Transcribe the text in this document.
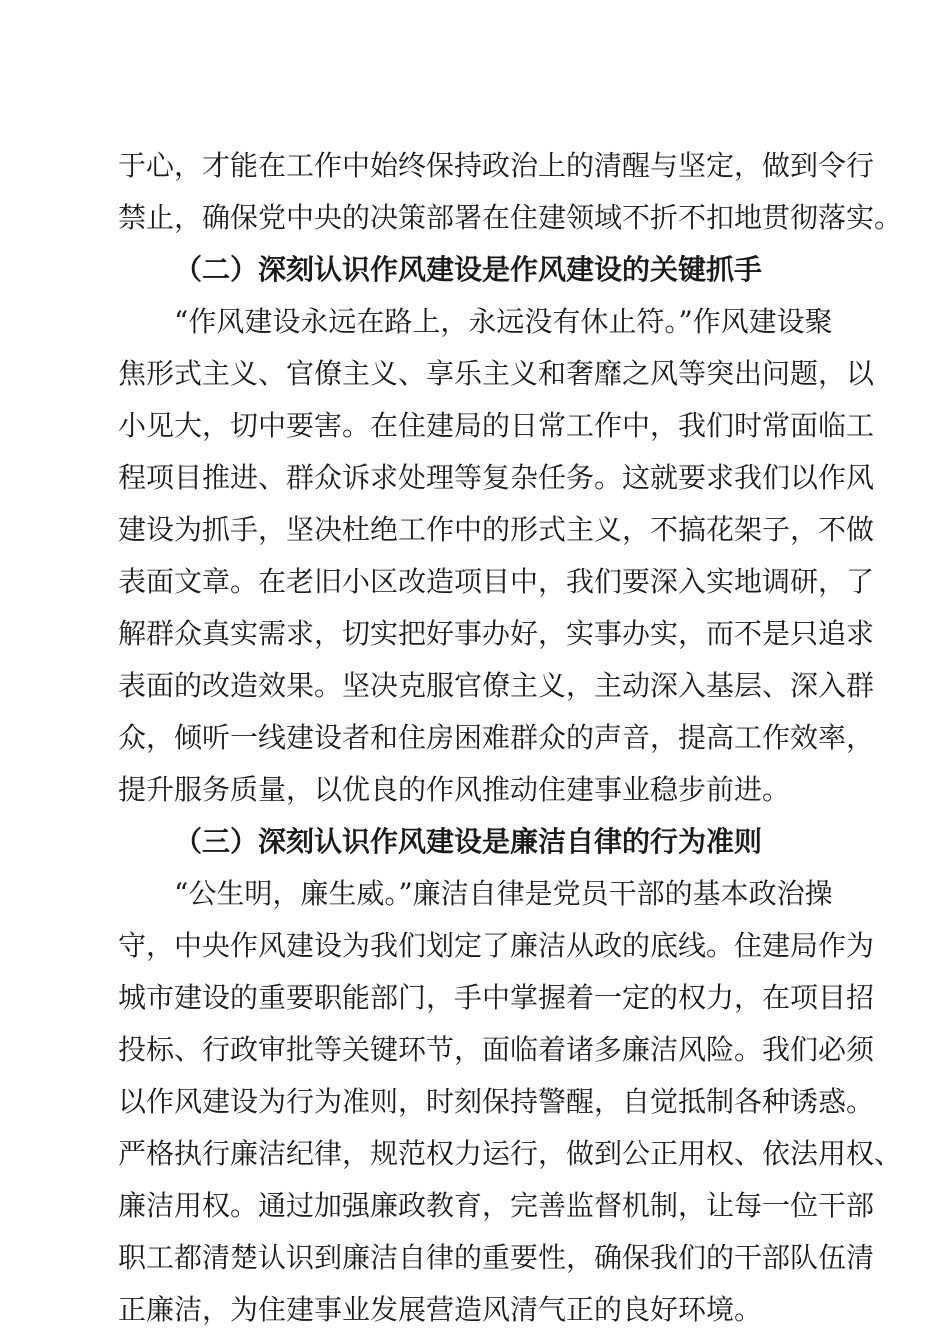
于心，才能在工作中始终保持政治上的清醒与坚定，做到令行
禁止，确保党中央的决策部署在住建领域不折不扣地贯彻落实。
（二）深刻认识作风建设是作风建设的关键抓手
“作风建设永远在路上，永远没有休止符。”作风建设聚
焦形式主义、官僚主义、享乐主义和奢靡之风等突出问题，以
小见大，切中要害。在住建局的日常工作中，我们时常面临工
程项目推进、群众诉求处理等复杂任务。这就要求我们以作风
建设为抓手，坚决杜绝工作中的形式主义，不搞花架子，不做
表面文章。在老旧小区改造项目中，我们要深入实地调研，了
解群众真实需求，切实把好事办好，实事办实，而不是只追求
表面的改造效果。坚决克服官僚主义，主动深入基层、深入群
众，倾听一线建设者和住房困难群众的声音，提高工作效率，
提升服务质量，以优良的作风推动住建事业稳步前进。
（三）深刻认识作风建设是廉洁自律的行为准则
“公生明，廉生威。”廉洁自律是党员干部的基本政治操
守，中央作风建设为我们划定了廉洁从政的底线。住建局作为
城市建设的重要职能部门，手中掌握着一定的权力，在项目招
投标、行政审批等关键环节，面临着诸多廉洁风险。我们必须
以作风建设为行为准则，时刻保持警醒，自觉抵制各种诱惑。
严格执行廉洁纪律，规范权力运行，做到公正用权、依法用权、
廉洁用权。通过加强廉政教育，完善监督机制，让每一位干部
职工都清楚认识到廉洁自律的重要性，确保我们的干部队伍清
正廉洁，为住建事业发展营造风清气正的良好环境。
